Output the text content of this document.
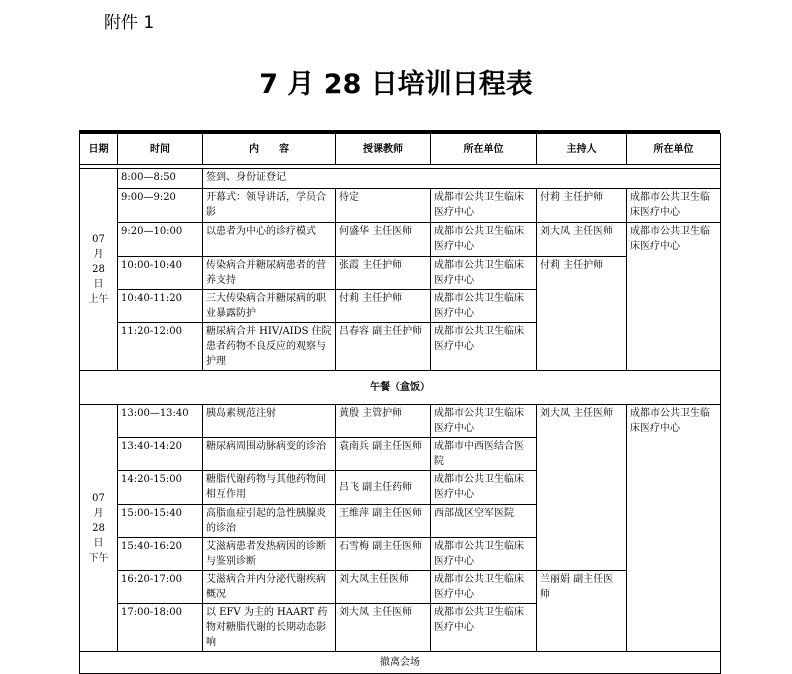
附件 1
7 月 28 日培训日程表
日期	时间	内　　容	授课教师	所在单位	主持人	所在单位

07
月
28
日
上午	8:00—8:50	签到、身份证登记				
	9:00—9:20	开幕式：领导讲话，学员合影	待定	成都市公共卫生临床医疗中心	付莉 主任护师	成都市公共卫生临床医疗中心
	9:20—10:00	以患者为中心的诊疗模式	何盛华 主任医师	成都市公共卫生临床医疗中心	刘大凤 主任医师	成都市公共卫生临床医疗中心
	10:00-10:40	传染病合并糖尿病患者的营养支持	张霞 主任护师	成都市公共卫生临床医疗中心	付莉 主任护师	
	10:40-11:20	三大传染病合并糖尿病的职业暴露防护	付莉 主任护师	成都市公共卫生临床医疗中心		
	11:20-12:00	糖尿病合并 HIV/AIDS 住院患者药物不良反应的观察与护理	吕春容 副主任护师	成都市公共卫生临床医疗中心		
午餐（盒饭）						
07
月
28
日
下午	13:00—13:40	胰岛素规范注射	黄殷 主管护师	成都市公共卫生临床医疗中心	刘大凤 主任医师	成都市公共卫生临床医疗中心
	13:40-14:20	糖尿病周围动脉病变的诊治	袁南兵 副主任医师	成都市中西医结合医院		
	14:20-15:00	糖脂代谢药物与其他药物间相互作用	吕飞 副主任药师	成都市公共卫生临床医疗中心		
	15:00-15:40	高脂血症引起的急性胰腺炎的诊治	王维萍 副主任医师	西部战区空军医院		
	15:40-16:20	艾滋病患者发热病因的诊断与鉴别诊断	石雪梅 副主任医师	成都市公共卫生临床医疗中心		
	16:20-17:00	艾滋病合并内分泌代谢疾病概况	刘大凤主任医师	成都市公共卫生临床医疗中心	兰丽娟 副主任医师	
	17:00-18:00	以 EFV 为主的 HAART 药物对糖脂代谢的长期动态影响	刘大凤 主任医师	成都市公共卫生临床医疗中心		
撤离会场						
